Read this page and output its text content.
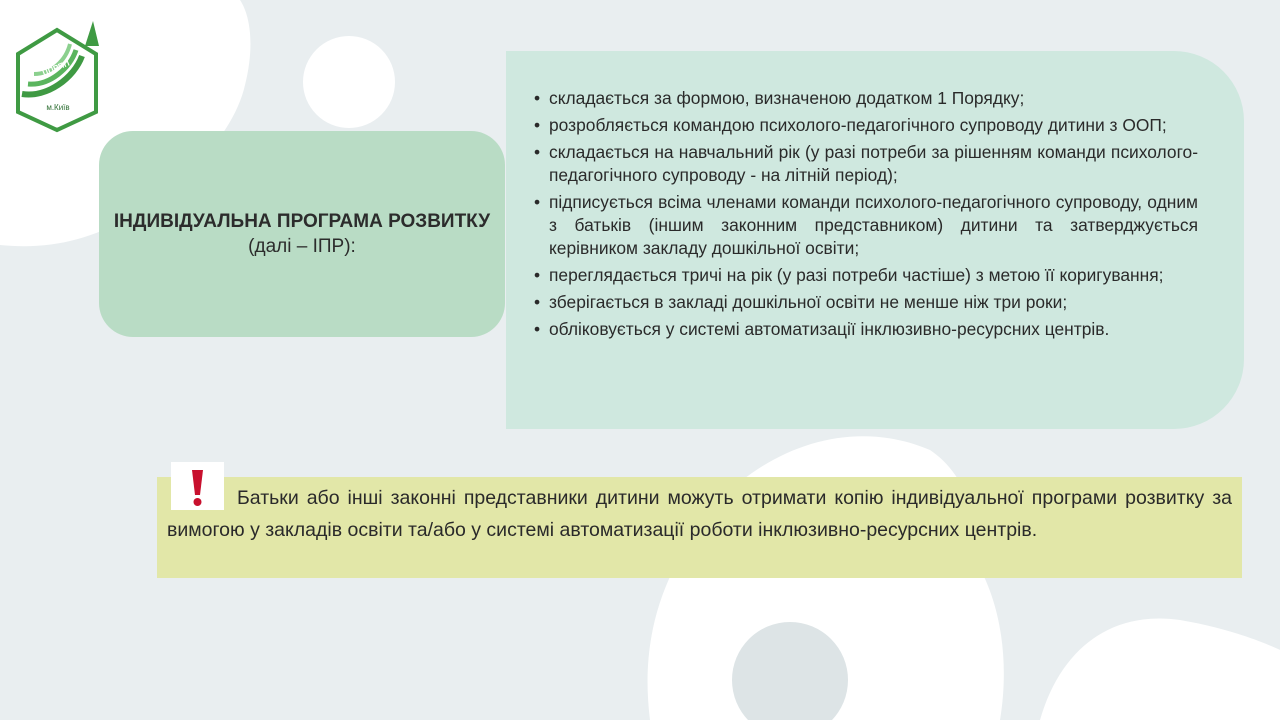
ЦПРПП
м.Київ
ІНДИВІДУАЛЬНА ПРОГРАМА РОЗВИТКУ (далі – ІПР):
• складається за формою, визначеною додатком 1 Порядку;
• розробляється командою психолого-педагогічного супроводу дитини з ООП;
• складається на навчальний рік (у разі потреби за рішенням команди психолого-педагогічного супроводу - на літній період);
• підписується всіма членами команди психолого-педагогічного супроводу, одним з батьків (іншим законним представником) дитини та затверджується керівником закладу дошкільної освіти;
• переглядається тричі на рік (у разі потреби частіше) з метою її коригування;
• зберігається в закладі дошкільної освіти не менше ніж три роки;
• обліковується у системі автоматизації інклюзивно-ресурсних центрів.

Батьки або інші законні представники дитини можуть отримати копію індивідуальної програми розвитку за вимогою у закладів освіти та/або у системі автоматизації роботи інклюзивно-ресурсних центрів.
